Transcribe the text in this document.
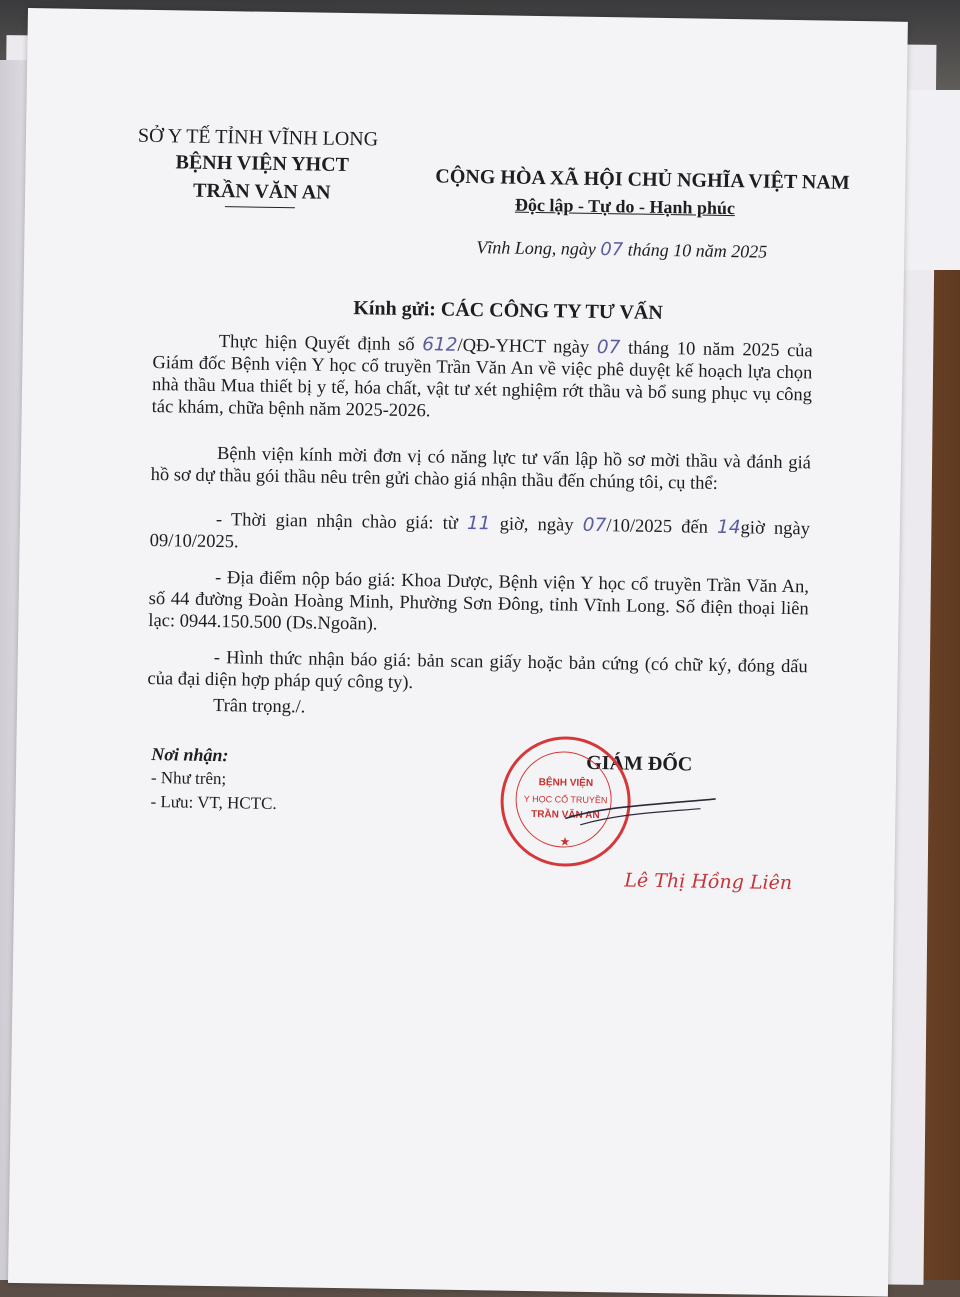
SỞ Y TẾ TỈNH VĨNH LONG
BỆNH VIỆN YHCT
TRẦN VĂN AN	CỘNG HÒA XÃ HỘI CHỦ NGHĨA VIỆT NAM
Độc lập - Tự do - Hạnh phúc
Vĩnh Long, ngày 07 tháng 10 năm 2025
Kính gửi: CÁC CÔNG TY TƯ VẤN
Thực hiện Quyết định số 612/QĐ-YHCT ngày 07 tháng 10 năm 2025 của Giám đốc Bệnh viện Y học cổ truyền Trần Văn An về việc phê duyệt kế hoạch lựa chọn nhà thầu Mua thiết bị y tế, hóa chất, vật tư xét nghiệm rớt thầu và bổ sung phục vụ công tác khám, chữa bệnh năm 2025-2026.
Bệnh viện kính mời đơn vị có năng lực tư vấn lập hồ sơ mời thầu và đánh giá hồ sơ dự thầu gói thầu nêu trên gửi chào giá nhận thầu đến chúng tôi, cụ thể:
- Thời gian nhận chào giá: từ 11 giờ, ngày 07/10/2025 đến 14giờ ngày 09/10/2025.
- Địa điểm nộp báo giá: Khoa Dược, Bệnh viện Y học cổ truyền Trần Văn An, số 44 đường Đoàn Hoàng Minh, Phường Sơn Đông, tỉnh Vĩnh Long. Số điện thoại liên lạc: 0944.150.500 (Ds.Ngoãn).
- Hình thức nhận báo giá: bản scan giấy hoặc bản cứng (có chữ ký, đóng dấu của đại diện hợp pháp quý công ty).
Trân trọng./.
Nơi nhận:
- Như trên;
- Lưu: VT, HCTC.
GIÁM ĐỐC
BỆNH VIỆN
Y HỌC CỔ TRUYỀN
TRẦN VĂN AN
★
Lê Thị Hồng Liên
